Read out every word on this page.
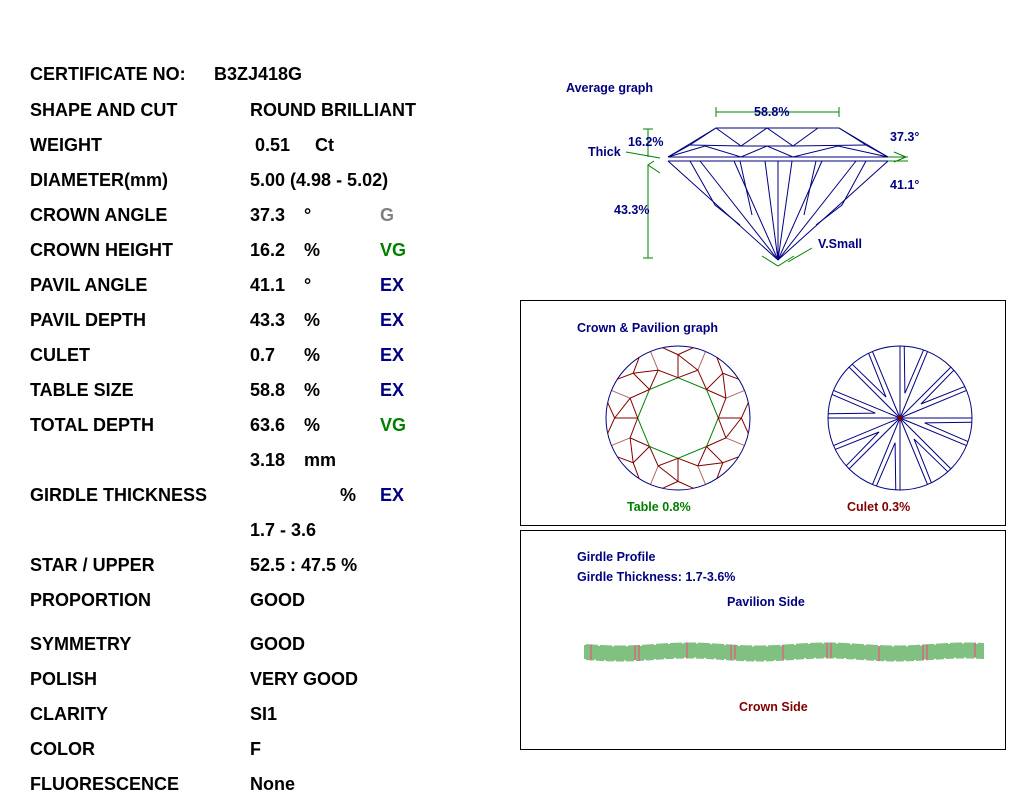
CERTIFICATE NO: B3ZJ418G
SHAPE AND CUT	ROUND BRILLIANT
WEIGHT	0.51 Ct
DIAMETER(mm)	5.00 (4.98 - 5.02)
CROWN ANGLE	37.3 °	G
CROWN HEIGHT	16.2 %	VG
PAVIL ANGLE	41.1 °	EX
PAVIL DEPTH	43.3 %	EX
CULET	0.7 %	EX
TABLE SIZE	58.8 %	EX
TOTAL DEPTH	63.6 %	VG
3.18 mm
GIRDLE THICKNESS	% EX
1.7 - 3.6
STAR / UPPER	52.5 : 47.5 %
PROPORTION	GOOD
SYMMETRY	GOOD
POLISH	VERY GOOD
CLARITY	SI1
COLOR	F
FLUORESCENCE	None
Average graph
58.8%
16.2%
Thick
37.3°
41.1°
43.3%
V.Small
Crown & Pavilion graph
Table 0.8%	Culet 0.3%
Girdle Profile
Girdle Thickness: 1.7-3.6%
Pavilion Side
Crown Side
